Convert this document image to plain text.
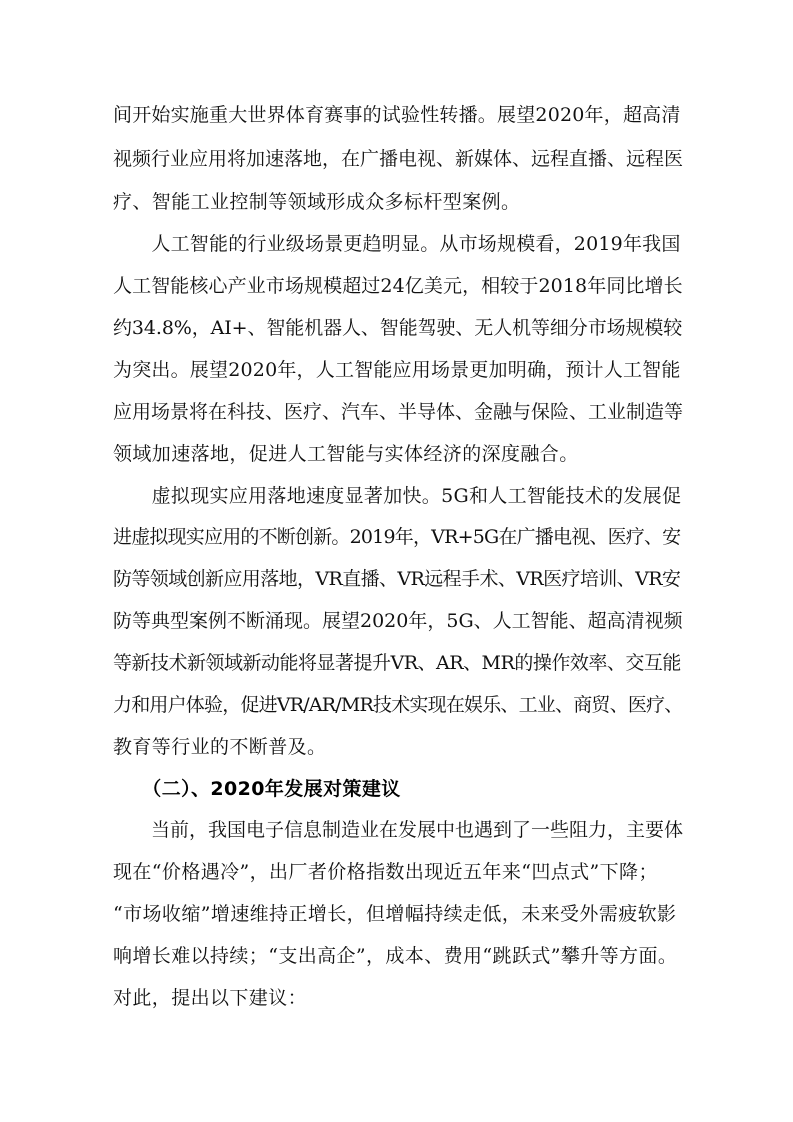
间开始实施重大世界体育赛事的试验性转播。展望2020年，超高清
视频行业应用将加速落地，在广播电视、新媒体、远程直播、远程医
疗、智能工业控制等领域形成众多标杆型案例。
　　人工智能的行业级场景更趋明显。从市场规模看，2019年我国
人工智能核心产业市场规模超过24亿美元，相较于2018年同比增长
约34.8%，AI+、智能机器人、智能驾驶、无人机等细分市场规模较
为突出。展望2020年，人工智能应用场景更加明确，预计人工智能
应用场景将在科技、医疗、汽车、半导体、金融与保险、工业制造等
领域加速落地，促进人工智能与实体经济的深度融合。
　　虚拟现实应用落地速度显著加快。5G和人工智能技术的发展促
进虚拟现实应用的不断创新。2019年，VR+5G在广播电视、医疗、安
防等领域创新应用落地，VR直播、VR远程手术、VR医疗培训、VR安
防等典型案例不断涌现。展望2020年，5G、人工智能、超高清视频
等新技术新领域新动能将显著提升VR、AR、MR的操作效率、交互能
力和用户体验，促进VR/AR/MR技术实现在娱乐、工业、商贸、医疗、
教育等行业的不断普及。
　　（二）、2020年发展对策建议
　　当前，我国电子信息制造业在发展中也遇到了一些阻力，主要体
现在“价格遇冷”，出厂者价格指数出现近五年来“凹点式”下降；
“市场收缩”增速维持正增长，但增幅持续走低，未来受外需疲软影
响增长难以持续；“支出高企”，成本、费用“跳跃式”攀升等方面。
对此，提出以下建议：
